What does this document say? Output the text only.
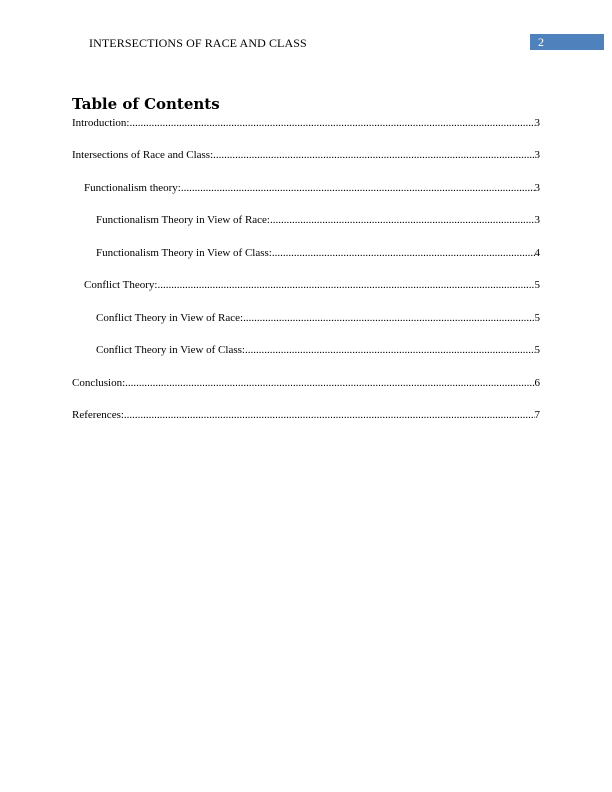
INTERSECTIONS OF RACE AND CLASS	2
Table of Contents
Introduction: .....	3
Intersections of Race and Class: .....	3
Functionalism theory: .....	3
Functionalism Theory in View of Race: .....	3
Functionalism Theory in View of Class: .....	4
Conflict Theory: .....	5
Conflict Theory in View of Race: .....	5
Conflict Theory in View of Class: .....	5
Conclusion: .....	6
References: .....	7
